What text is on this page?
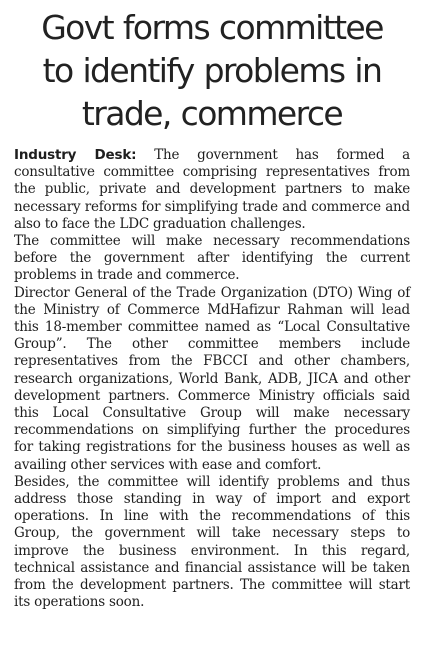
Govt forms committee
to identify problems in
trade, commerce

Industry Desk: The government has formed a consultative committee comprising representatives from the public, private and development partners to make necessary reforms for simplifying trade and commerce and also to face the LDC graduation challenges.

The committee will make necessary recommendations before the government after identifying the current problems in trade and commerce.

Director General of the Trade Organization (DTO) Wing of the Ministry of Commerce MdHafizur Rahman will lead this 18-member committee named as “Local Consultative Group”. The other committee members include representatives from the FBCCI and other chambers, research organizations, World Bank, ADB, JICA and other development partners. Commerce Ministry officials said this Local Consultative Group will make necessary recommendations on simplifying further the procedures for taking registrations for the business houses as well as availing other services with ease and comfort.

Besides, the committee will identify problems and thus address those standing in way of import and export operations. In line with the recommendations of this Group, the government will take necessary steps to improve the business environment. In this regard, technical assistance and financial assistance will be taken from the development partners. The committee will start its operations soon.
